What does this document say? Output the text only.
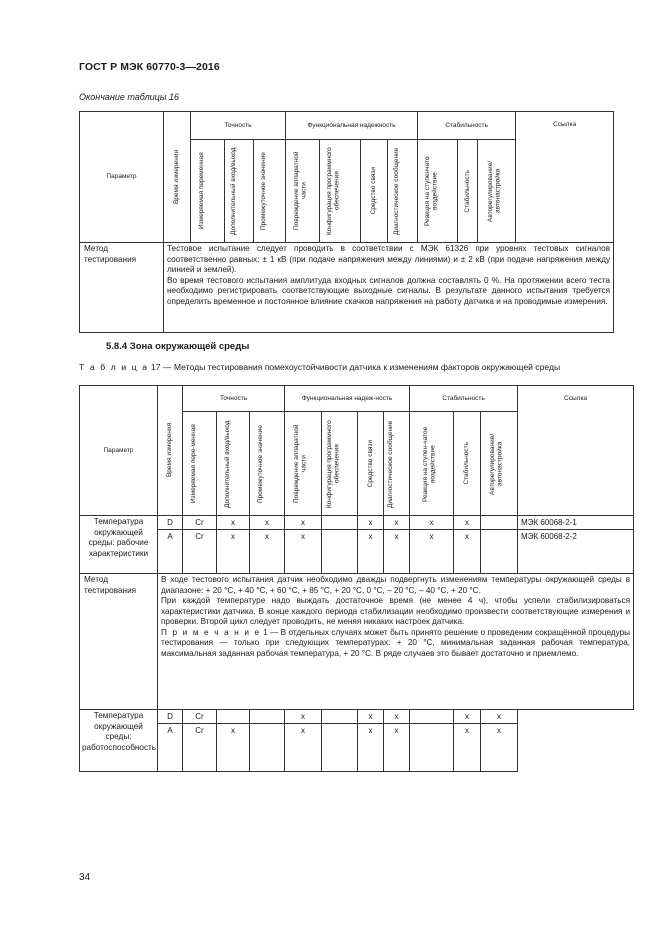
ГОСТ Р МЭК 60770-3—2016
Окончание таблицы 16
Параметр	Время измерения	Точность			Функциональная надежность				Стабильность			Ссылка

		Измеряемая переменная	Дополнительный вход/выход	Промежуточное значение	Повреждение аппаратной части	Конфигурация программного обеспечения	Средство связи	Диагностическое сообщение	Реакция на ступенчато воздействие	Стабильность	Авторегулирование/ автонастройка	

Метод тестирования	Тестовое испытание следует проводить в соответствии с МЭК 61326 при уровнях тестовых сигналов соответственно равных: ± 1 кВ (при подаче напряжения между линиями) и ± 2 кВ (при подаче напряжения между линией и землей).
Во время тестового испытания амплитуда входных сигналов должна составлять 0 %. На протяжении всего теста необходимо регистрировать соответствующие выходные сигналы. В результате данного испытания требуется определить временное и постоянное влияние скачков напряжения на работу датчика и на проводимые измерения.											
5.8.4 Зона окружающей среды
Т а б л и ц а 17 — Методы тестирования помехоустойчивости датчика к изменениям факторов окружающей среды
Параметр	Время измерения	Точность			Функциональная надеж-ность				Стабильность			Ссылка

		Измеряемая пере-менная	Дополнительный вход/выход	Промежуточное значение	Повреждение аппаратной части	Конфигурация программного обеспечения	Средство связи	Диагностическое сообщение	Реакция на ступен-чатое воздействие	Стабильность	Авторегулирование/ автонастройка	

Температура окружающей среды: рабочие характеристики	D	Cr	x	x	x		x	x	x	x		МЭК 60068-2-1
	A	Cr	x	x	x		x	x	x	x		МЭК 60068-2-2
Метод тестирования	В ходе тестового испытания датчик необходимо дважды подвергнуть изменениям температуры окружающей среды в диапазоне: + 20 °C, + 40 °C, + 60 °C, + 85 °C, + 20 °C, 0 °C, – 20 °C, – 40 °C, + 20 °C.
При каждой температуре надо выждать достаточное время (не менее 4 ч), чтобы успели стабилизироваться характеристики датчика. В конце каждого периода стабилизации необходимо произвести соответствующие измерения и проверки. Второй цикл следует проводить, не меняя никаких настроек датчика.
П р и м е ч а н и е 1 — В отдельных случаях может быть принято решение о проведении сокращённой процедуры тестирования — только при следующих температурах: + 20 °C, минимальная заданная рабочая температура, максимальная заданная рабочая температура, + 20 °C. В ряде случаев это бывает достаточно и приемлемо.											

Температура окружающей среды: работоспособность	D	Cr			x		x	x		x	x	
	A	Cr	x		x		x	x		x	x	
34
